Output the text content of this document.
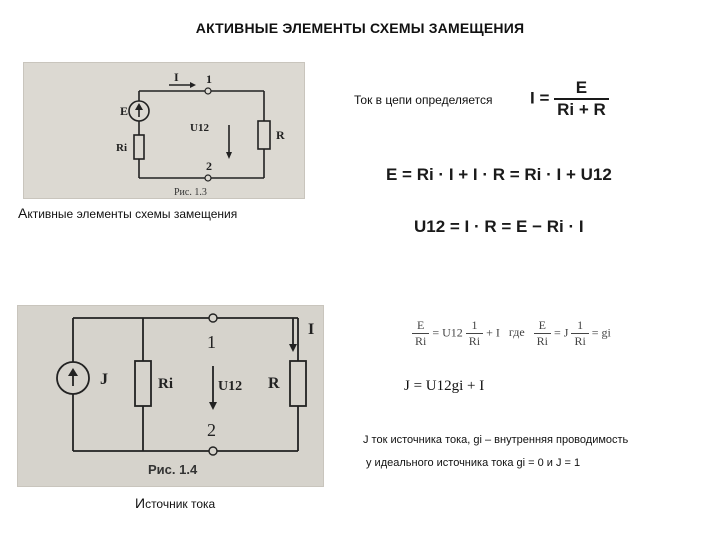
АКТИВНЫЕ ЭЛЕМЕНТЫ СХЕМЫ ЗАМЕЩЕНИЯ
I 1
2
E
Ri
U12	R
Рис. 1.3
Активные элементы схемы замещения
Ток в цепи определяется $I = \frac{E}{Ri + R}$
E = Ri · I + I · R = Ri · I + U12
U12 = I · R = E − Ri · I
I
1
2
J	Ri	U12 R
Рис. 1.4
$\frac{E}{Ri} = U12 \frac{1}{Ri} + I$ где $\frac{E}{Ri} = J \frac{1}{Ri}$ = gi
J = U12gi + I
J ток источника тока, gi – внутренняя проводимость
у идеального источника тока gi = 0 и J = 1
Источник тока
